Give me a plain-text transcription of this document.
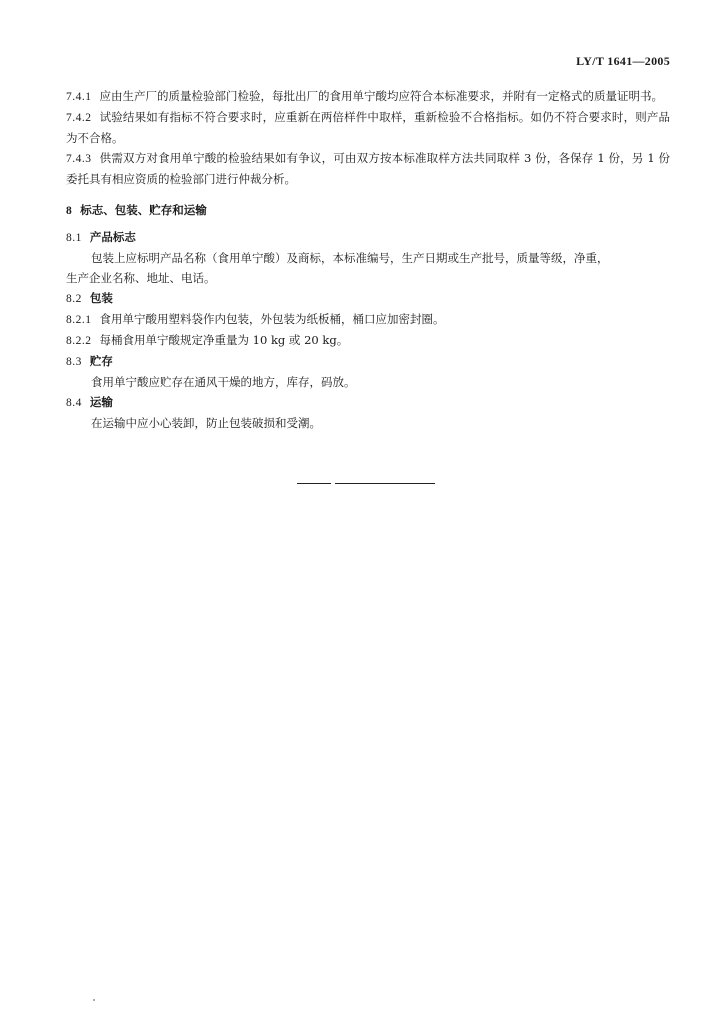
LY/T 1641—2005

7.4.1 应由生产厂的质量检验部门检验，每批出厂的食用单宁酸均应符合本标准要求，并附有一定格式的质量证明书。

7.4.2 试验结果如有指标不符合要求时，应重新在两倍样件中取样，重新检验不合格指标。如仍不符合要求时，则产品为不合格。

7.4.3 供需双方对食用单宁酸的检验结果如有争议，可由双方按本标准取样方法共同取样 3 份，各保存 1 份，另 1 份委托具有相应资质的检验部门进行仲裁分析。

8 标志、包装、贮存和运输

8.1 产品标志

包装上应标明产品名称（食用单宁酸）及商标，本标准编号，生产日期或生产批号，质量等级，净重，

生产企业名称、地址、电话。

8.2 包装

8.2.1 食用单宁酸用塑料袋作内包装，外包装为纸板桶，桶口应加密封圈。

8.2.2 每桶食用单宁酸规定净重量为 10 kg 或 20 kg。

8.3 贮存

食用单宁酸应贮存在通风干燥的地方，库存，码放。

8.4 运输

在运输中应小心装卸，防止包装破损和受潮。
